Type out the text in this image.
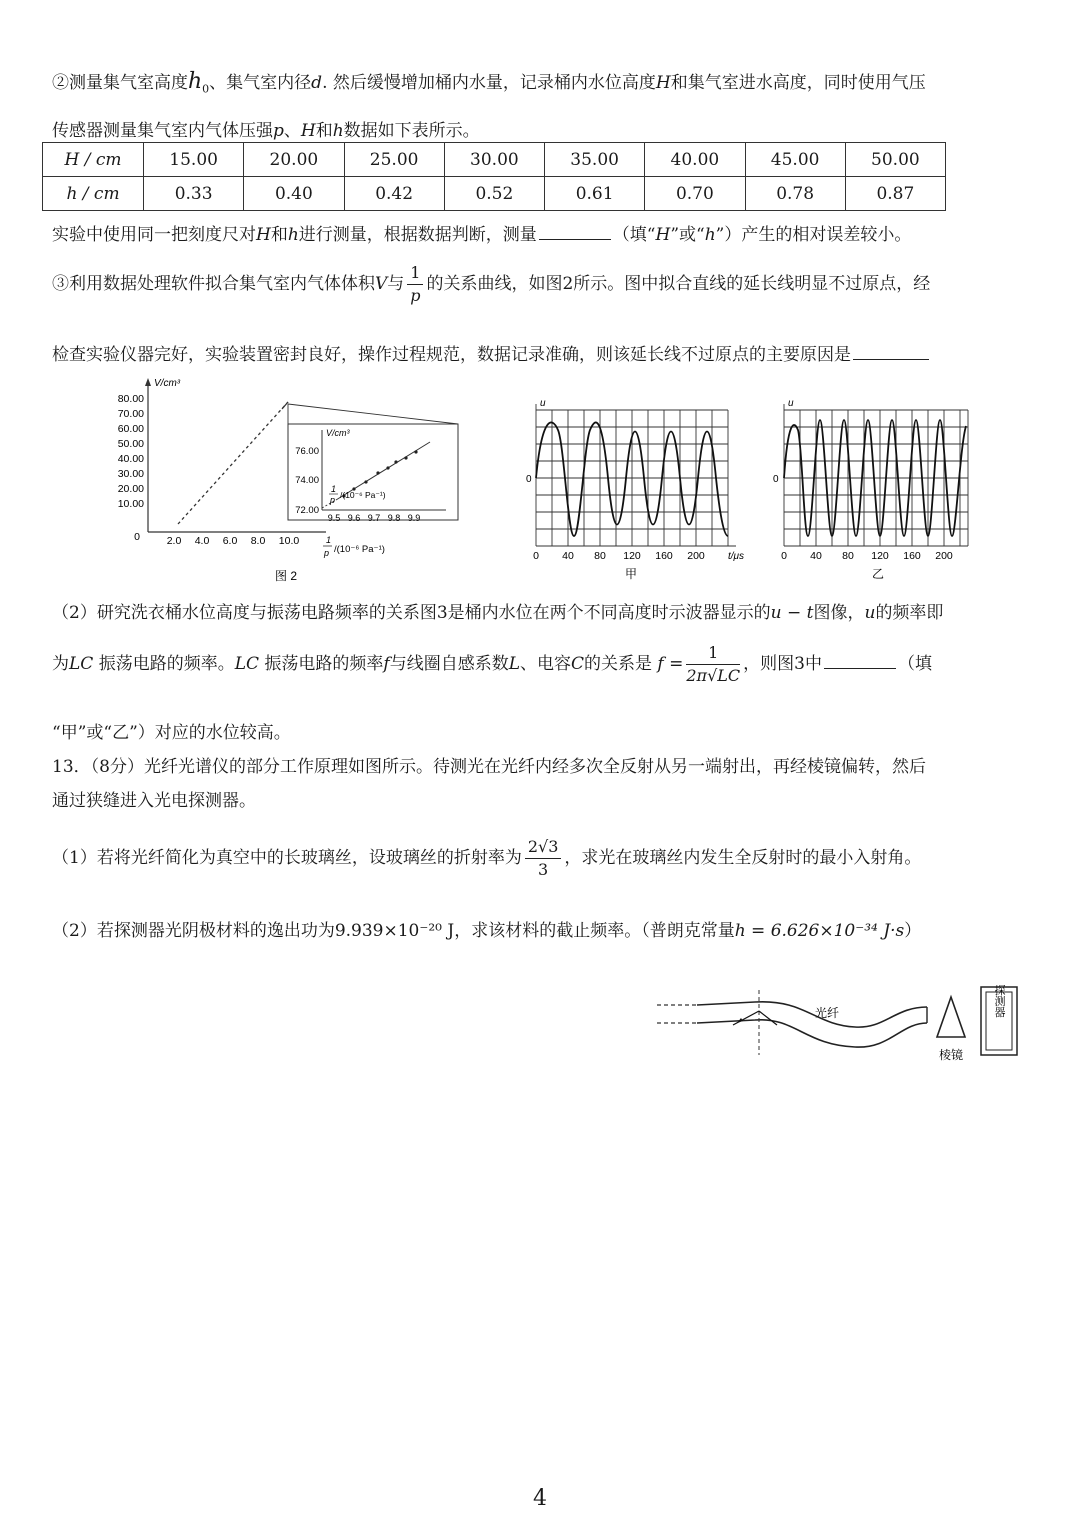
②测量集气室高度$h_0$、集气室内径d. 然后缓慢增加桶内水量，记录桶内水位高度H和集气室进水高度，同时使用气压
传感器测量集气室内气体压强p、H和h数据如下表所示。
H / cm	15.00	20.00	25.00	30.00	35.00	40.00	45.00	50.00
h / cm	0.33	0.40	0.42	0.52	0.61	0.70	0.78	0.87
实验中使用同一把刻度尺对H和h进行测量，根据数据判断，测量	（填“H”或“h”）产生的相对误差较小。
③利用数据处理软件拟合集气室内气体体积V与 $\frac{1}{p}$ 的关系曲线，如图2所示。图中拟合直线的延长线明显不过原点，经
检查实验仪器完好，实验装置密封良好，操作过程规范，数据记录准确，则该延长线不过原点的主要原因是
V/cm³
80.00
70.00
60.00
50.00
40.00
30.00
20.00
10.00
0	2.0 4.0 6.0 8.0 10.0	1
p /(10⁻⁶ Pa⁻¹)
V/cm³
76.00
74.00
72.00
9.5 9.6 9.7 9.8 9.9
1
p /(10⁻⁶ Pa⁻¹)
图 2
u
0
0 40 80 120 160 200 t/μs
甲
u
0
0 40 80 120 160 200
乙
（2）研究洗衣桶水位高度与振荡电路频率的关系图3是桶内水位在两个不同高度时示波器显示的u − t图像，u的频率即
为LC 振荡电路的频率。LC 振荡电路的频率f与线圈自感系数L、电容C的关系是 $f = \frac{1}{2\pi√LC}$ ，则图3中	（填
“甲”或“乙”）对应的水位较高。
13．（8分）光纤光谱仪的部分工作原理如图所示。待测光在光纤内经多次全反射从另一端射出，再经棱镜偏转，然后
通过狭缝进入光电探测器。
（1）若将光纤简化为真空中的长玻璃丝，设玻璃丝的折射率为 $\frac{2√3}{3}$ ，求光在玻璃丝内发生全反射时的最小入射角。
（2）若探测器光阴极材料的逸出功为9.939×10⁻²⁰ J，求该材料的截止频率。（普朗克常量h = 6.626×10⁻³⁴ J·s）
光纤
棱镜
探测器
4
